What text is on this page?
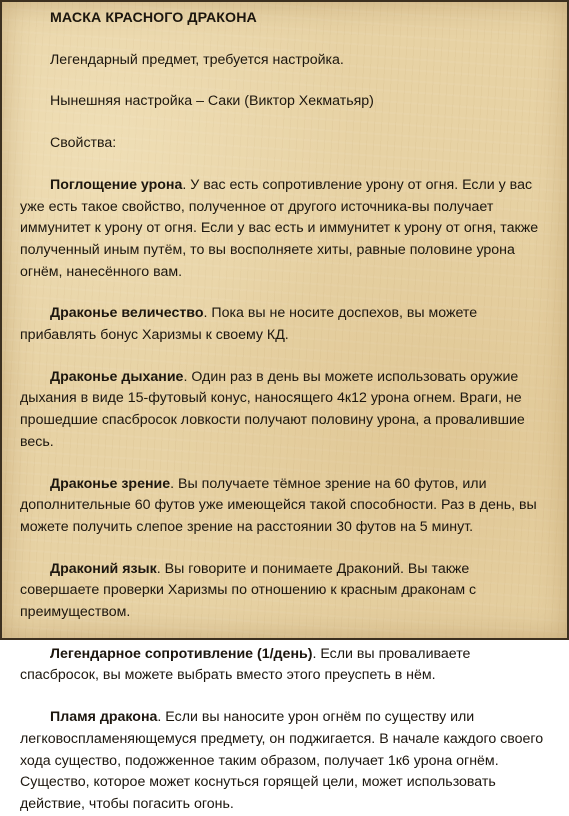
МАСКА КРАСНОГО ДРАКОНА
Легендарный предмет, требуется настройка.
Нынешняя настройка – Саки (Виктор Хекматьяр)
Свойства:
Поглощение урона. У вас есть сопротивление урону от огня. Если у вас уже есть такое свойство, полученное от другого источника-вы получает иммунитет к урону от огня. Если у вас есть и иммунитет к урону от огня, также полученный иным путём, то вы восполняете хиты, равные половине урона огнём, нанесённого вам.
Драконье величество. Пока вы не носите доспехов, вы можете прибавлять бонус Харизмы к своему КД.
Драконье дыхание. Один раз в день вы можете использовать оружие дыхания в виде 15-футовый конус, наносящего 4к12 урона огнем. Враги, не прошедшие спасбросок ловкости получают половину урона, а провалившие весь.
Драконье зрение. Вы получаете тёмное зрение на 60 футов, или дополнительные 60 футов уже имеющейся такой способности. Раз в день, вы можете получить слепое зрение на расстоянии 30 футов на 5 минут.
Драконий язык. Вы говорите и понимаете Драконий. Вы также совершаете проверки Харизмы по отношению к красным драконам с преимуществом.
Легендарное сопротивление (1/день). Если вы проваливаете спасбросок, вы можете выбрать вместо этого преуспеть в нём.
Пламя дракона. Если вы наносите урон огнём по существу или легковоспламеняющемуся предмету, он поджигается. В начале каждого своего хода существо, подожженное таким образом, получает 1к6 урона огнём. Существо, которое может коснуться горящей цели, может использовать действие, чтобы погасить огонь.
